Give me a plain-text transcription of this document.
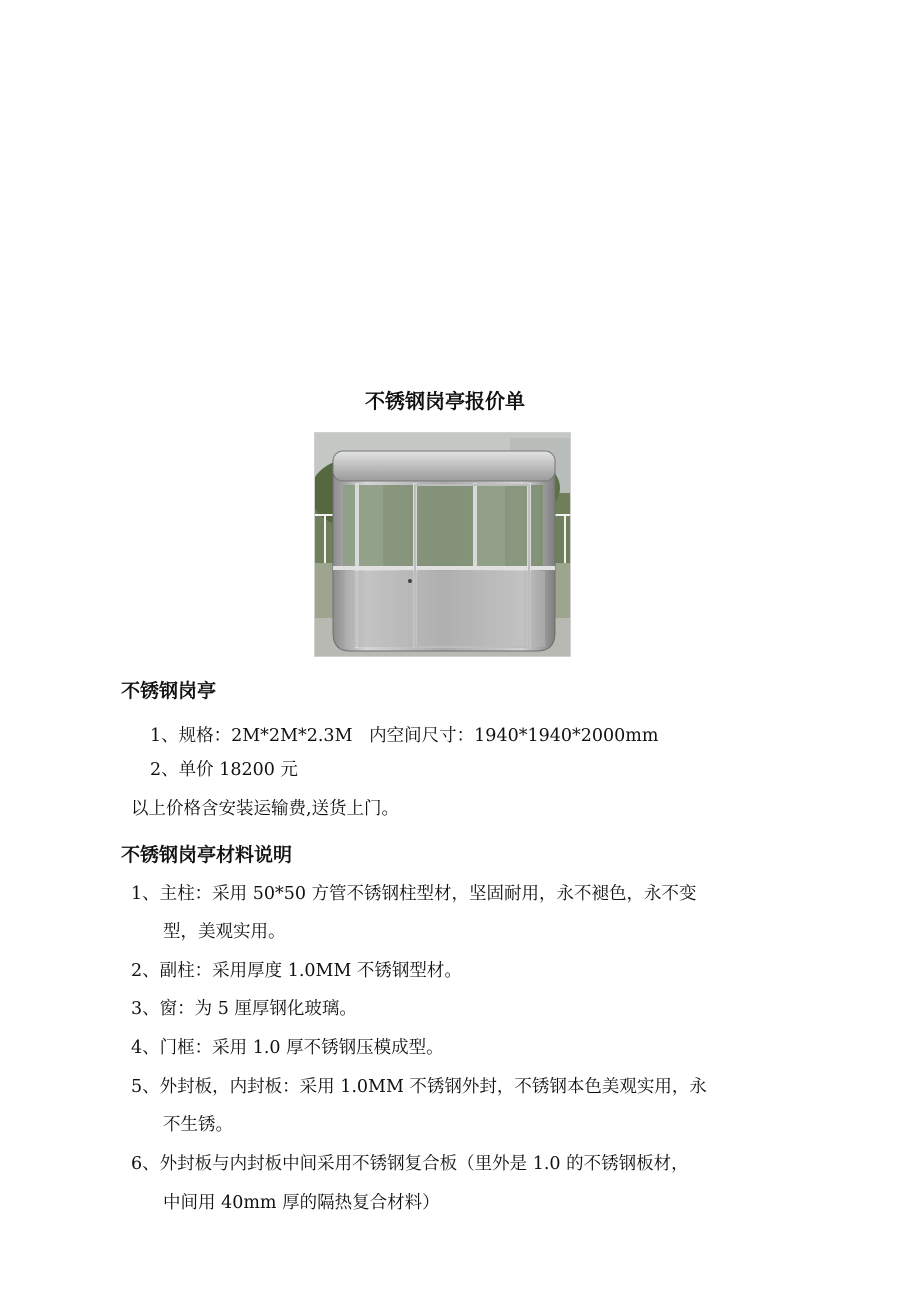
不锈钢岗亭报价单
不锈钢岗亭
1、规格：2M*2M*2.3M   内空间尺寸：1940*1940*2000mm
2、单价 18200 元
以上价格含安装运输费,送货上门。
不锈钢岗亭材料说明
1、主柱：采用 50*50 方管不锈钢柱型材，坚固耐用，永不褪色，永不变
型，美观实用。
2、副柱：采用厚度 1.0MM 不锈钢型材。
3、窗：为 5 厘厚钢化玻璃。
4、门框：采用 1.0 厚不锈钢压模成型。
5、外封板，内封板：采用 1.0MM 不锈钢外封，不锈钢本色美观实用，永
不生锈。
6、外封板与内封板中间采用不锈钢复合板（里外是 1.0 的不锈钢板材，
中间用 40mm 厚的隔热复合材料）
